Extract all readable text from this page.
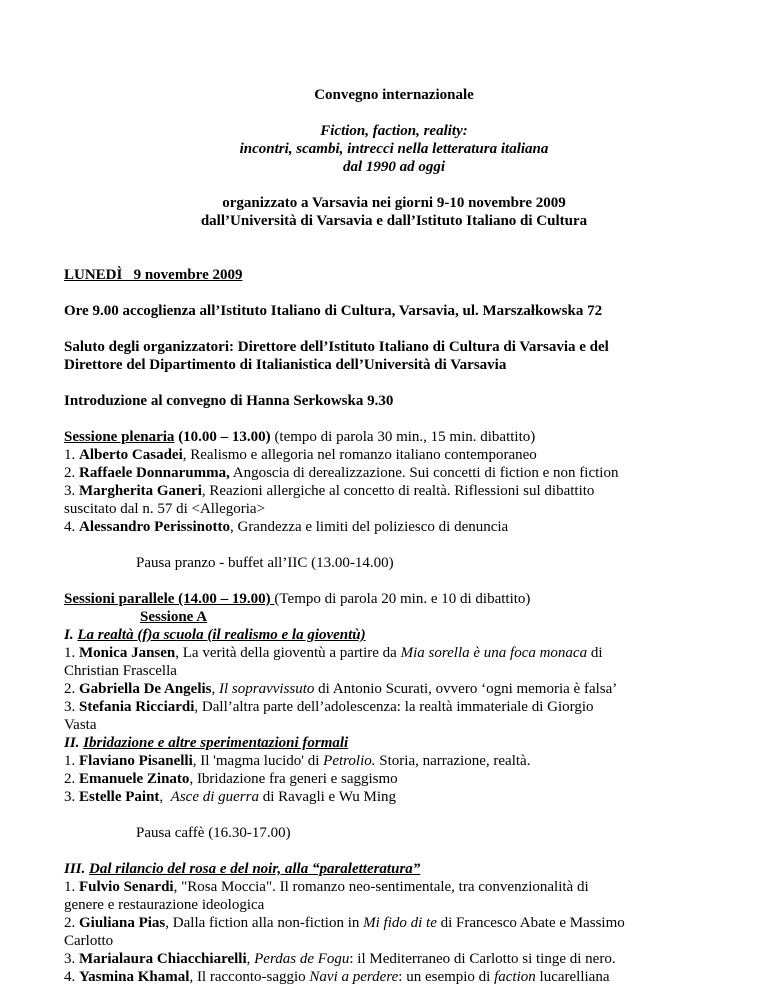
Convegno internazionale

Fiction, faction, reality:

incontri, scambi, intrecci nella letteratura italiana

dal 1990 ad oggi

organizzato a Varsavia nei giorni 9-10 novembre 2009

dall’Università di Varsavia e dall’Istituto Italiano di Cultura

LUNEDÌ   9 novembre 2009

Ore 9.00 accoglienza all’Istituto Italiano di Cultura, Varsavia, ul. Marszałkowska 72

Saluto degli organizzatori: Direttore dell’Istituto Italiano di Cultura di Varsavia e del

Direttore del Dipartimento di Italianistica dell’Università di Varsavia

Introduzione al convegno di Hanna Serkowska 9.30

Sessione plenaria (10.00 – 13.00) (tempo di parola 30 min., 15 min. dibattito)

1. Alberto Casadei, Realismo e allegoria nel romanzo italiano contemporaneo

2. Raffaele Donnarumma, Angoscia di derealizzazione. Sui concetti di fiction e non fiction

3. Margherita Ganeri, Reazioni allergiche al concetto di realtà. Riflessioni sul dibattito

suscitato dal n. 57 di <Allegoria>

4. Alessandro Perissinotto, Grandezza e limiti del poliziesco di denuncia

Pausa pranzo - buffet all’IIC (13.00-14.00)

Sessioni parallele (14.00 – 19.00) (Tempo di parola 20 min. e 10 di dibattito)

Sessione A

I. La realtà (f)a scuola (il realismo e la gioventù)

1. Monica Jansen, La verità della gioventù a partire da Mia sorella è una foca monaca di

Christian Frascella

2. Gabriella De Angelis, Il sopravvissuto di Antonio Scurati, ovvero ‘ogni memoria è falsa’

3. Stefania Ricciardi, Dall’altra parte dell’adolescenza: la realtà immateriale di Giorgio

Vasta

II. Ibridazione e altre sperimentazioni formali

1. Flaviano Pisanelli, Il 'magma lucido' di Petrolio. Storia, narrazione, realtà.

2. Emanuele Zinato, Ibridazione fra generi e saggismo

3. Estelle Paint,  Asce di guerra di Ravagli e Wu Ming

Pausa caffè (16.30-17.00)

III. Dal rilancio del rosa e del noir, alla “paraletteratura”

1. Fulvio Senardi, "Rosa Moccia". Il romanzo neo-sentimentale, tra convenzionalità di

genere e restaurazione ideologica

2. Giuliana Pias, Dalla fiction alla non-fiction in Mi fido di te di Francesco Abate e Massimo

Carlotto

3. Marialaura Chiacchiarelli, Perdas de Fogu: il Mediterraneo di Carlotto si tinge di nero.

4. Yasmina Khamal, Il racconto-saggio Navi a perdere: un esempio di faction lucarelliana
